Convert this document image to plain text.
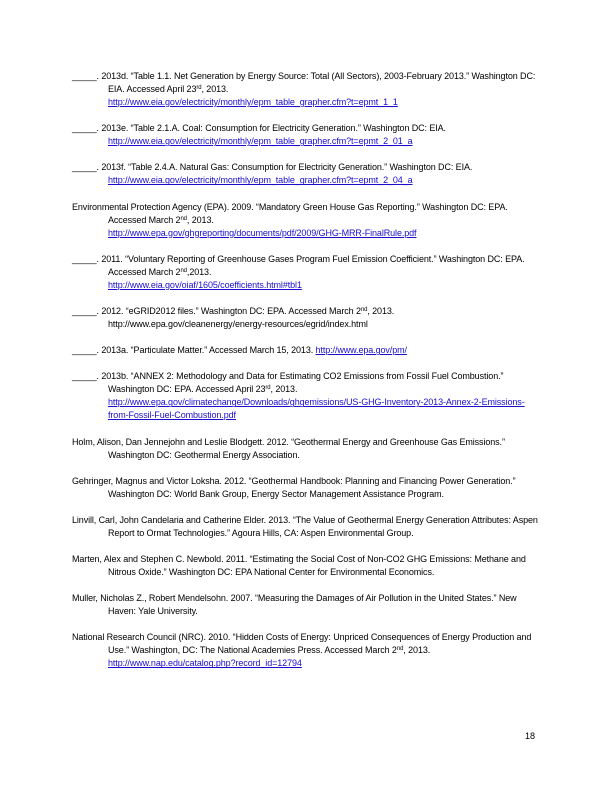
_____. 2013d. “Table 1.1. Net Generation by Energy Source: Total (All Sectors), 2003-February 2013.” Washington DC: EIA. Accessed April 23rd, 2013.
http://www.eia.gov/electricity/monthly/epm_table_grapher.cfm?t=epmt_1_1

_____. 2013e. “Table 2.1.A. Coal: Consumption for Electricity Generation.” Washington DC: EIA.
http://www.eia.gov/electricity/monthly/epm_table_grapher.cfm?t=epmt_2_01_a

_____. 2013f. “Table 2.4.A. Natural Gas: Consumption for Electricity Generation.” Washington DC: EIA.
http://www.eia.gov/electricity/monthly/epm_table_grapher.cfm?t=epmt_2_04_a

Environmental Protection Agency (EPA). 2009. “Mandatory Green House Gas Reporting.” Washington DC: EPA. Accessed March 2nd, 2013.
http://www.epa.gov/ghgreporting/documents/pdf/2009/GHG-MRR-FinalRule.pdf

_____. 2011. “Voluntary Reporting of Greenhouse Gases Program Fuel Emission Coefficient.” Washington DC: EPA. Accessed March 2nd,2013.
http://www.eia.gov/oiaf/1605/coefficients.html#tbl1

_____. 2012. “eGRID2012 files.” Washington DC: EPA. Accessed March 2nd, 2013.
http://www.epa.gov/cleanenergy/energy-resources/egrid/index.html

_____. 2013a. “Particulate Matter.” Accessed March 15, 2013. http://www.epa.gov/pm/

_____. 2013b. “ANNEX 2: Methodology and Data for Estimating CO2 Emissions from Fossil Fuel Combustion.” Washington DC: EPA. Accessed April 23rd, 2013.
http://www.epa.gov/climatechange/Downloads/ghgemissions/US-GHG-Inventory-2013-Annex-2-Emissions-from-Fossil-Fuel-Combustion.pdf

Holm, Alison, Dan Jennejohn and Leslie Blodgett. 2012. “Geothermal Energy and Greenhouse Gas Emissions.” Washington DC: Geothermal Energy Association.

Gehringer, Magnus and Victor Loksha. 2012. “Geothermal Handbook: Planning and Financing Power Generation.” Washington DC: World Bank Group, Energy Sector Management Assistance Program.

Linvill, Carl, John Candelaria and Catherine Elder. 2013. “The Value of Geothermal Energy Generation Attributes: Aspen Report to Ormat Technologies.” Agoura Hills, CA: Aspen Environmental Group.

Marten, Alex and Stephen C. Newbold. 2011. “Estimating the Social Cost of Non-CO2 GHG Emissions: Methane and Nitrous Oxide.” Washington DC: EPA National Center for Environmental Economics.

Muller, Nicholas Z., Robert Mendelsohn. 2007. “Measuring the Damages of Air Pollution in the United States.” New Haven: Yale University.

National Research Council (NRC). 2010. “Hidden Costs of Energy: Unpriced Consequences of Energy Production and Use.” Washington, DC: The National Academies Press. Accessed March 2nd, 2013. http://www.nap.edu/catalog.php?record_id=12794

18
